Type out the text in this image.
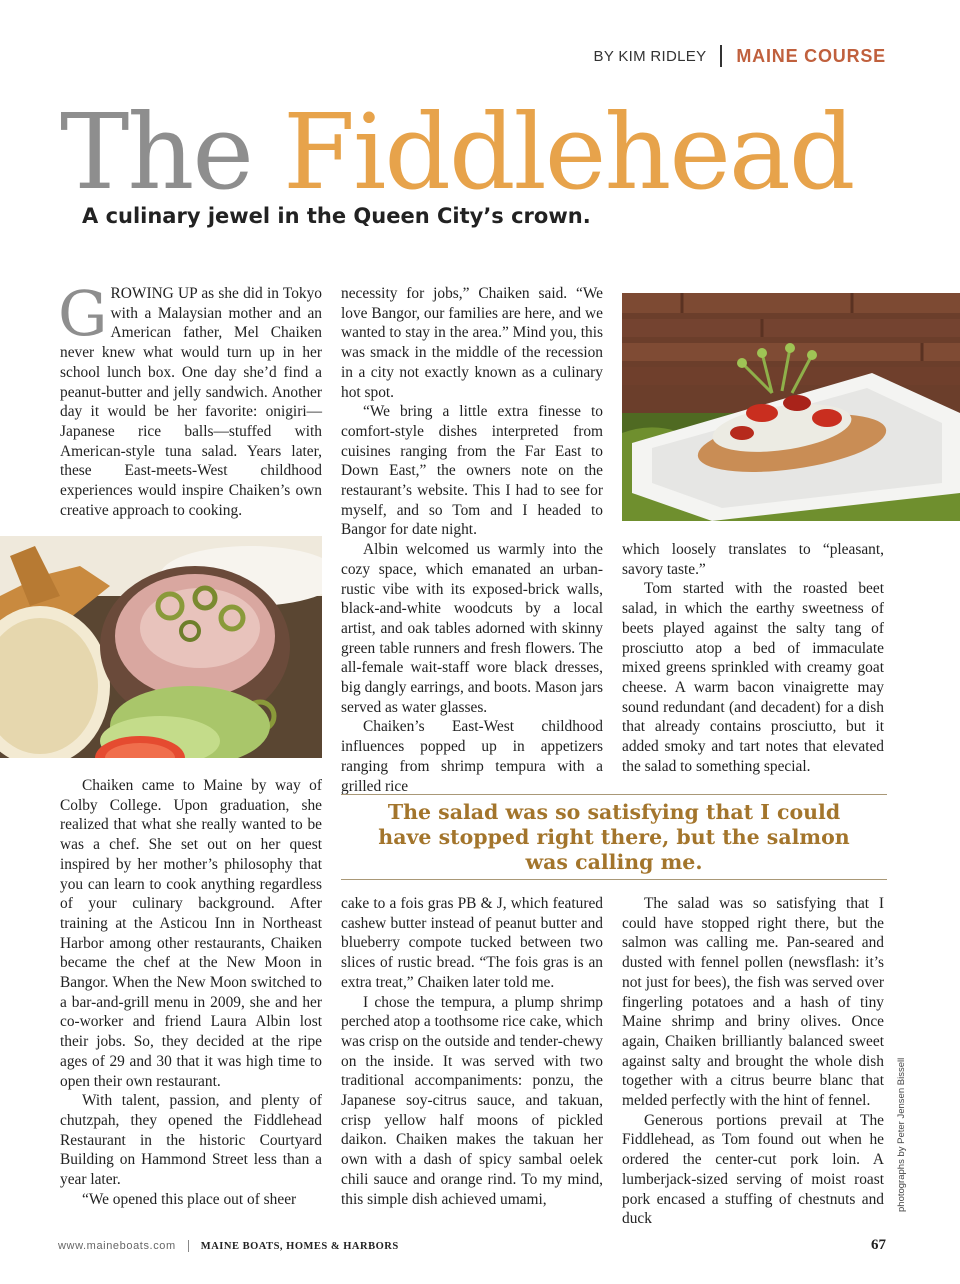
BY KIM RIDLEY MAINE COURSE
The Fiddlehead
A culinary jewel in the Queen City’s crown.

GROWING UP as she did in Tokyo with a Malaysian mother and an American father, Mel Chaiken never knew what would turn up in her school lunch box. One day she’d find a peanut-butter and jelly sandwich. Another day it would be her favorite: onigiri—Japanese rice balls—stuffed with American-style tuna salad. Years later, these East-meets-West childhood experiences would inspire Chaiken’s own creative approach to cooking.

Chaiken came to Maine by way of Colby College. Upon graduation, she realized that what she really wanted to be was a chef. She set out on her quest inspired by her mother’s philosophy that you can learn to cook anything regardless of your culinary background. After training at the Asticou Inn in Northeast Harbor among other restaurants, Chaiken became the chef at the New Moon in Bangor. When the New Moon switched to a bar-and-grill menu in 2009, she and her co-worker and friend Laura Albin lost their jobs. So, they decided at the ripe ages of 29 and 30 that it was high time to open their own restaurant.

With talent, passion, and plenty of chutzpah, they opened the Fiddlehead Restaurant in the historic Courtyard Building on Hammond Street less than a year later.

“We opened this place out of sheer

necessity for jobs,” Chaiken said. “We love Bangor, our families are here, and we wanted to stay in the area.” Mind you, this was smack in the middle of the recession in a city not exactly known as a culinary hot spot.

“We bring a little extra finesse to comfort-style dishes interpreted from cuisines ranging from the Far East to Down East,” the owners note on the restaurant’s website. This I had to see for myself, and so Tom and I headed to Bangor for date night.

Albin welcomed us warmly into the cozy space, which emanated an urban-rustic vibe with its exposed-brick walls, black-and-white woodcuts by a local artist, and oak tables adorned with skinny green table runners and fresh flowers. The all-female wait-staff wore black dresses, big dangly earrings, and boots. Mason jars served as water glasses.

Chaiken’s East-West childhood influences popped up in appetizers ranging from shrimp tempura with a grilled rice

which loosely translates to “pleasant, savory taste.”

Tom started with the roasted beet salad, in which the earthy sweetness of beets played against the salty tang of prosciutto atop a bed of immaculate mixed greens sprinkled with creamy goat cheese. A warm bacon vinaigrette may sound redundant (and decadent) for a dish that already contains prosciutto, but it added smoky and tart notes that elevated the salad to something special.

The salad was so satisfying that I could have stopped right there, but the salmon was calling me.

cake to a fois gras PB & J, which featured cashew butter instead of peanut butter and blueberry compote tucked between two slices of rustic bread. “The fois gras is an extra treat,” Chaiken later told me.

I chose the tempura, a plump shrimp perched atop a toothsome rice cake, which was crisp on the outside and tender-chewy on the inside. It was served with two traditional accompaniments: ponzu, the Japanese soy-citrus sauce, and takuan, crisp yellow half moons of pickled daikon. Chaiken makes the takuan her own with a dash of spicy sambal oelek chili sauce and orange rind. To my mind, this simple dish achieved umami,

The salad was so satisfying that I could have stopped right there, but the salmon was calling me. Pan-seared and dusted with fennel pollen (newsflash: it’s not just for bees), the fish was served over fingerling potatoes and a hash of tiny Maine shrimp and briny olives. Once again, Chaiken brilliantly balanced sweet against salty and brought the whole dish together with a citrus beurre blanc that melded perfectly with the hint of fennel.

Generous portions prevail at The Fiddlehead, as Tom found out when he ordered the center-cut pork loin. A lumberjack-sized serving of moist roast pork encased a stuffing of chestnuts and duck

photographs by Peter Jensen Bissell
www.maineboats.com MAINE BOATS, HOMES & HARBORS	67
